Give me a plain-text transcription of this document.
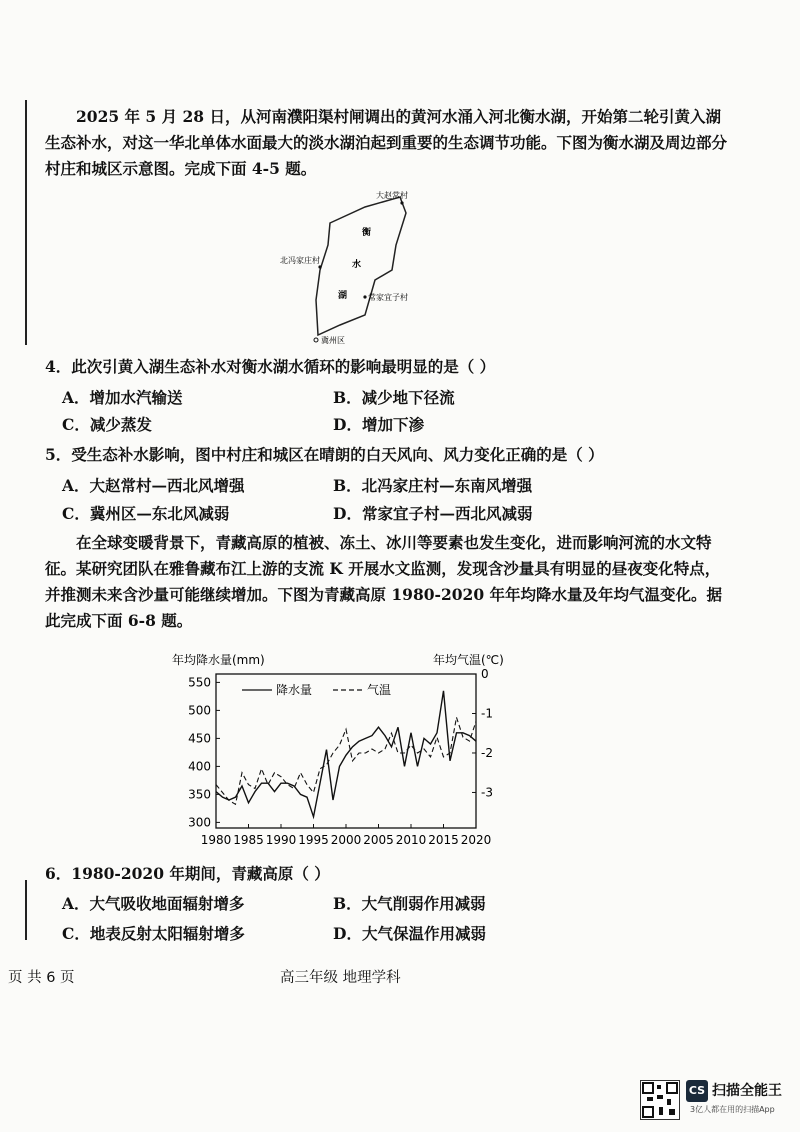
2025 年 5 月 28 日，从河南濮阳渠村闸调出的黄河水涌入河北衡水湖，开始第二轮引黄入湖生态补水，对这一华北单体水面最大的淡水湖泊起到重要的生态调节功能。下图为衡水湖及周边部分村庄和城区示意图。完成下面 4-5 题。

衡
水
湖
大赵常村
北冯家庄村
常家宜子村
冀州区
4．此次引黄入湖生态补水对衡水湖水循环的影响最明显的是（ ）
A．增加水汽输送	B．减少地下径流
C．减少蒸发	D．增加下渗
5．受生态补水影响，图中村庄和城区在晴朗的白天风向、风力变化正确的是（ ）
A．大赵常村—西北风增强	B．北冯家庄村—东南风增强
C．冀州区—东北风减弱	D．常家宜子村—西北风减弱

在全球变暖背景下，青藏高原的植被、冻土、冰川等要素也发生变化，进而影响河流的水文特征。某研究团队在雅鲁藏布江上游的支流 K 开展水文监测，发现含沙量具有明显的昼夜变化特点，并推测未来含沙量可能继续增加。下图为青藏高原 1980-2020 年年均降水量及年均气温变化。据此完成下面 6-8 题。

年均降水量(mm)	年均气温(℃)
1980 1985 1990 1995 2000 2005 2010 2015 2020
300
350
400
450
500
550
0
-1
-2
-3
降水量	气温
6．1980-2020 年期间，青藏高原（ ）
A．大气吸收地面辐射增多	B．大气削弱作用减弱
C．地表反射太阳辐射增多	D．大气保温作用减弱
页 共 6 页	高三年级 地理学科
CS 扫描全能王
3亿人都在用的扫描App
